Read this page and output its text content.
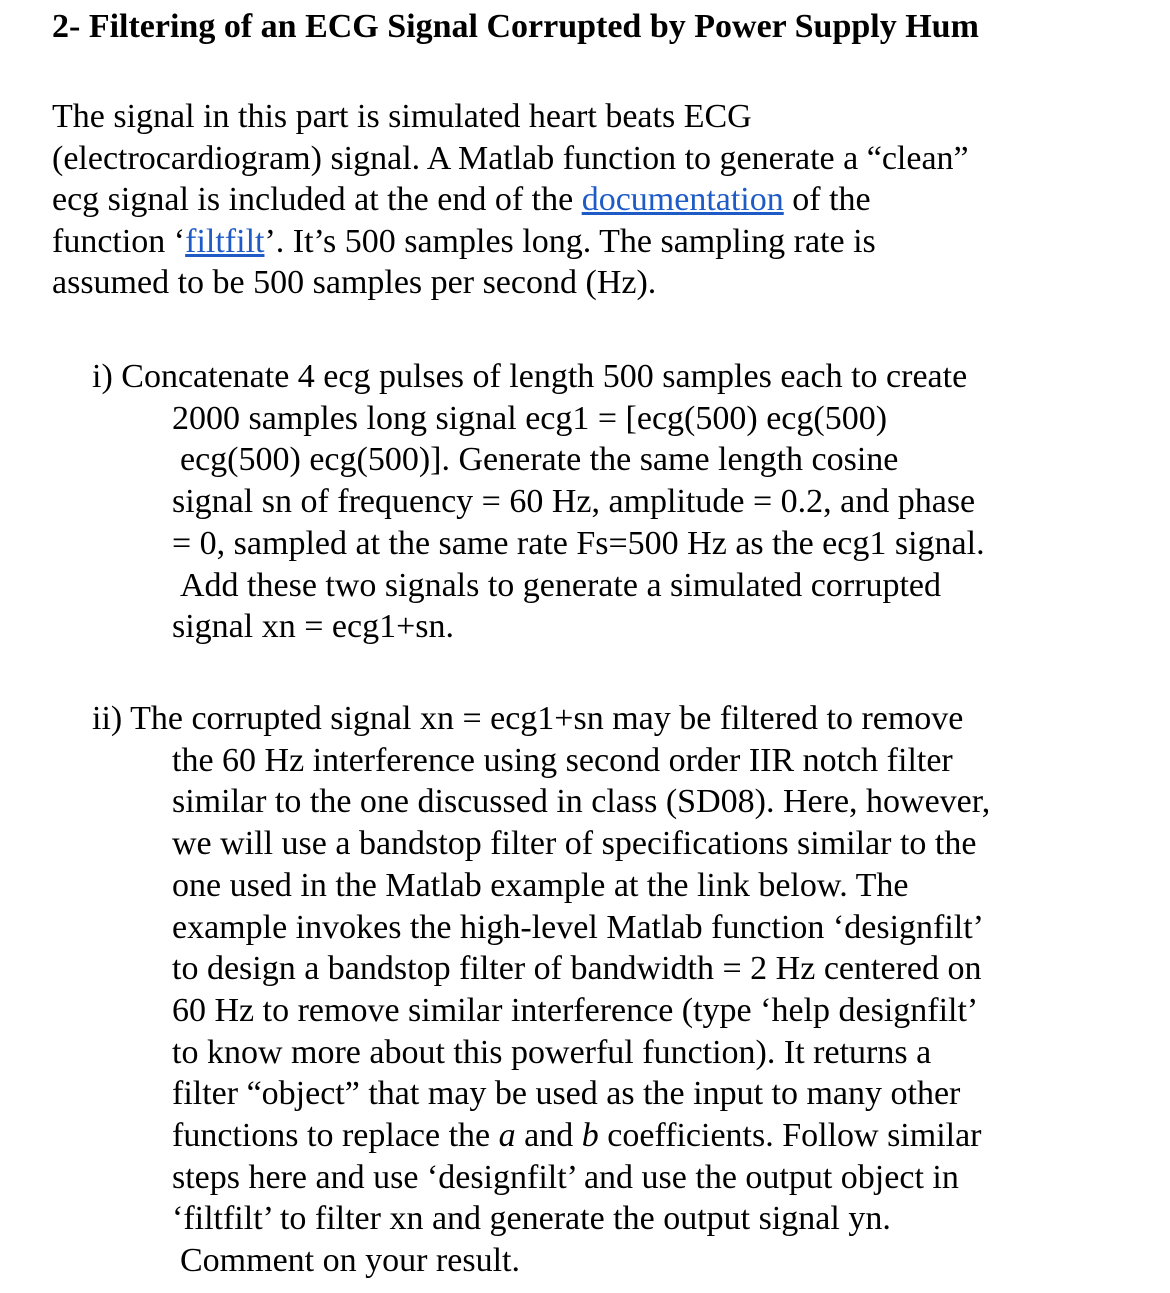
2- Filtering of an ECG Signal Corrupted by Power Supply Hum
The signal in this part is simulated heart beats ECG
(electrocardiogram) signal. A Matlab function to generate a “clean”
ecg signal is included at the end of the documentation of the
function ‘filtfilt’. It’s 500 samples long. The sampling rate is
assumed to be 500 samples per second (Hz).
i) Concatenate 4 ecg pulses of length 500 samples each to create
2000 samples long signal ecg1 = [ecg(500) ecg(500)
ecg(500) ecg(500)]. Generate the same length cosine
signal sn of frequency = 60 Hz, amplitude = 0.2, and phase
= 0, sampled at the same rate Fs=500 Hz as the ecg1 signal.
Add these two signals to generate a simulated corrupted
signal xn = ecg1+sn.
ii) The corrupted signal xn = ecg1+sn may be filtered to remove
the 60 Hz interference using second order IIR notch filter
similar to the one discussed in class (SD08). Here, however,
we will use a bandstop filter of specifications similar to the
one used in the Matlab example at the link below. The
example invokes the high-level Matlab function ‘designfilt’
to design a bandstop filter of bandwidth = 2 Hz centered on
60 Hz to remove similar interference (type ‘help designfilt’
to know more about this powerful function). It returns a
filter “object” that may be used as the input to many other
functions to replace the a and b coefficients. Follow similar
steps here and use ‘designfilt’ and use the output object in
‘filtfilt’ to filter xn and generate the output signal yn.
Comment on your result.
